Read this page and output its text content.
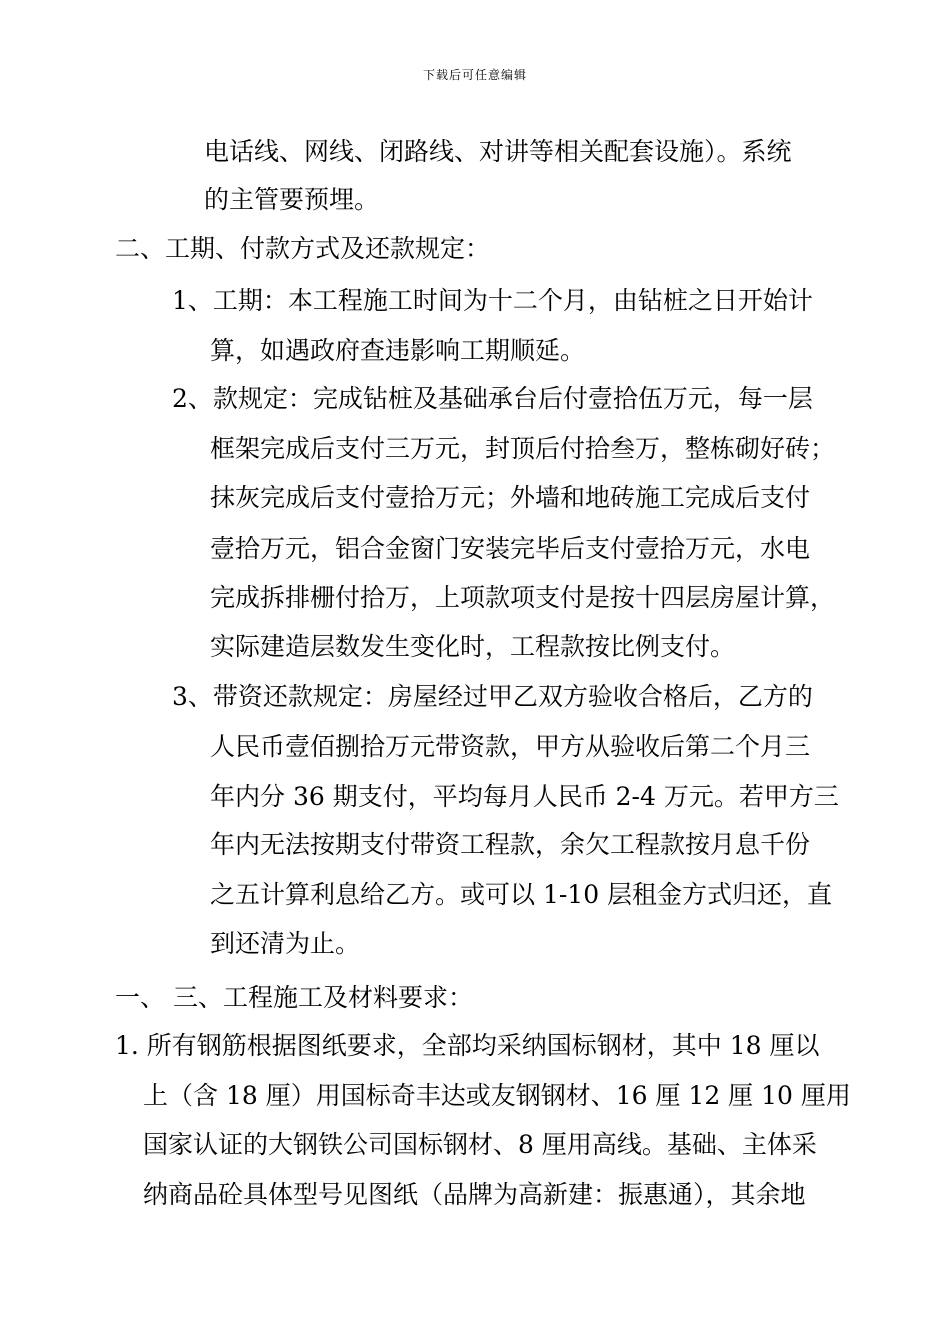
下载后可任意编辑
电话线、网线、闭路线、对讲等相关配套设施）。系统
的主管要预埋。
二、工期、付款方式及还款规定：
1、工期：本工程施工时间为十二个月，由钻桩之日开始计
算，如遇政府查违影响工期顺延。
2、款规定：完成钻桩及基础承台后付壹拾伍万元，每一层
框架完成后支付三万元，封顶后付拾叁万，整栋砌好砖；
抹灰完成后支付壹拾万元；外墙和地砖施工完成后支付
壹拾万元，铝合金窗门安装完毕后支付壹拾万元，水电
完成拆排栅付拾万，上项款项支付是按十四层房屋计算，
实际建造层数发生变化时，工程款按比例支付。
3、带资还款规定：房屋经过甲乙双方验收合格后，乙方的
人民币壹佰捌拾万元带资款，甲方从验收后第二个月三
年内分 36 期支付，平均每月人民币 2-4 万元。若甲方三
年内无法按期支付带资工程款，余欠工程款按月息千份
之五计算利息给乙方。或可以 1-10 层租金方式归还，直
到还清为止。
一、 三、工程施工及材料要求：
1. 所有钢筋根据图纸要求，全部均采纳国标钢材，其中 18 厘以
上（含 18 厘）用国标奇丰达或友钢钢材、16 厘 12 厘 10 厘用
国家认证的大钢铁公司国标钢材、8 厘用高线。基础、主体采
纳商品砼具体型号见图纸（品牌为高新建：振惠通），其余地
